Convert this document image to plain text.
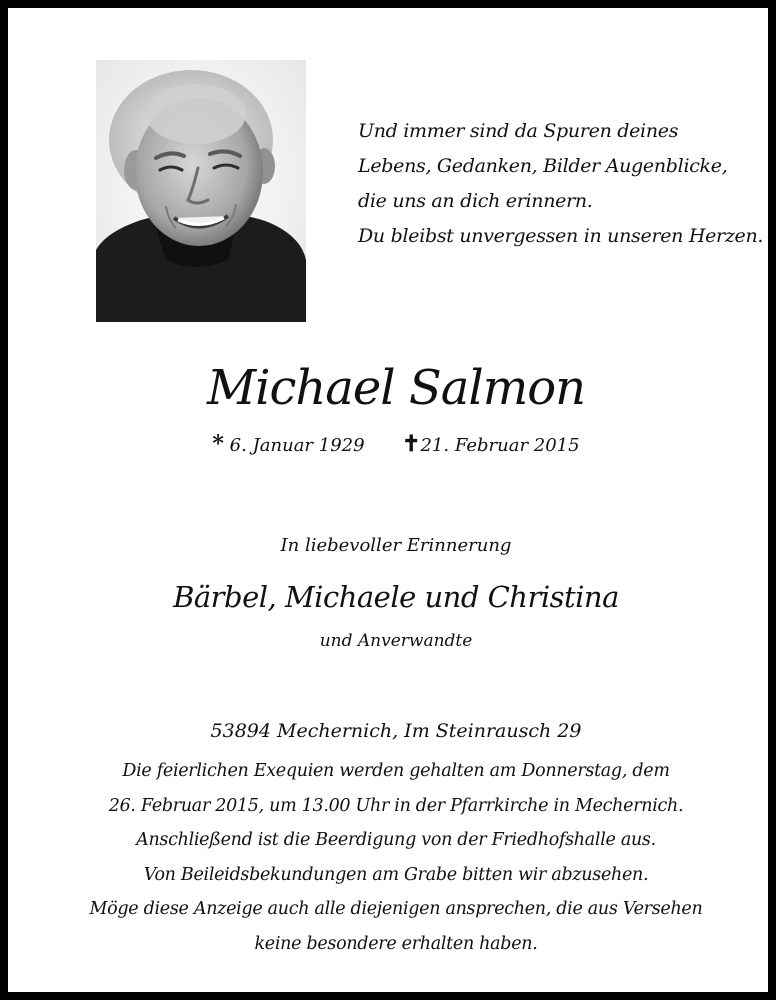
Und immer sind da Spuren deines
Lebens, Gedanken, Bilder Augenblicke,
die uns an dich erinnern.
Du bleibst unvergessen in unseren Herzen.
Michael Salmon
* 6. Januar 1929 ✝21. Februar 2015
In liebevoller Erinnerung
Bärbel, Michaele und Christina
und Anverwandte
53894 Mechernich, Im Steinrausch 29
Die feierlichen Exequien werden gehalten am Donnerstag, dem
26. Februar 2015, um 13.00 Uhr in der Pfarrkirche in Mechernich.
Anschließend ist die Beerdigung von der Friedhofshalle aus.
Von Beileidsbekundungen am Grabe bitten wir abzusehen.
Möge diese Anzeige auch alle diejenigen ansprechen, die aus Versehen
keine besondere erhalten haben.
